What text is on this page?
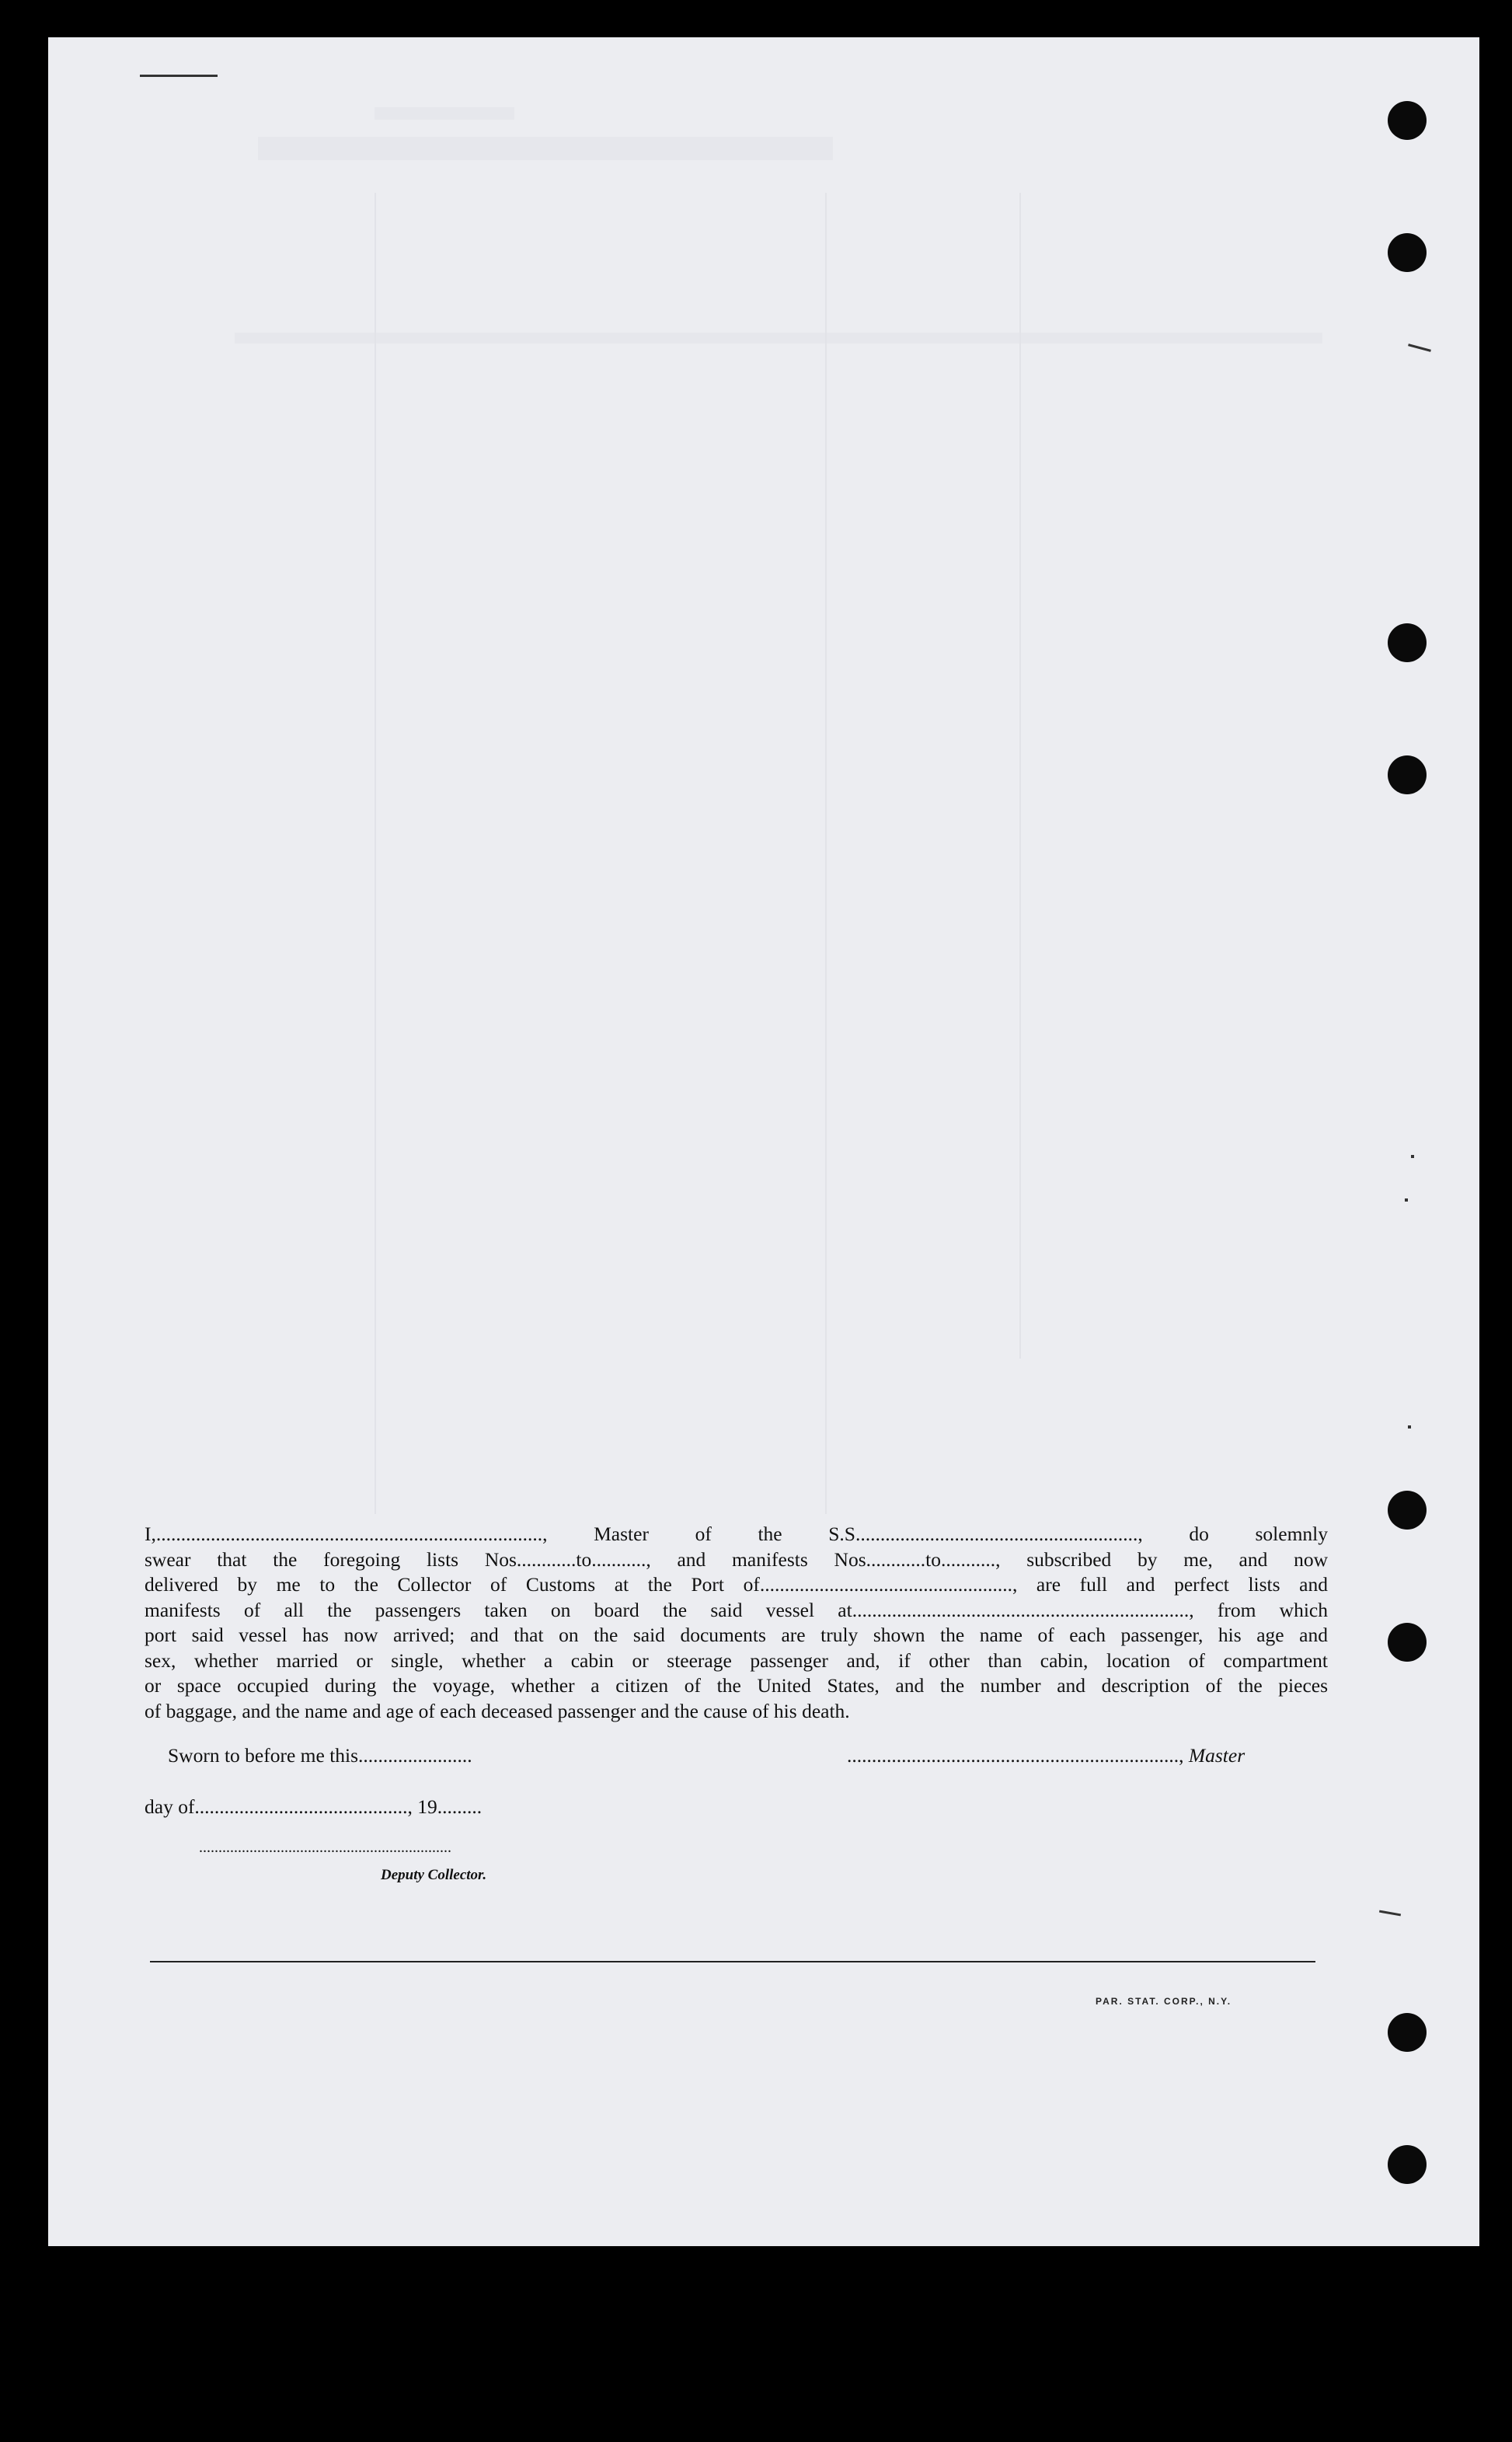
I,.............................................................................., Master of the S.S........................................................., do solemnly
swear that the foregoing lists Nos............to..........., and manifests Nos............to..........., subscribed by me, and now
delivered by me to the Collector of Customs at the Port of..................................................., are full and perfect lists and
manifests of all the passengers taken on board the said vessel at...................................................................., from which
port said vessel has now arrived; and that on the said documents are truly shown the name of each passenger, his age and
sex, whether married or single, whether a cabin or steerage passenger and, if other than cabin, location of compartment
or space occupied during the voyage, whether a citizen of the United States, and the number and description of the pieces
of baggage, and the name and age of each deceased passenger and the cause of his death.
Sworn to before me this.......................	..................................................................., Master
day of..........................................., 19.........
.................................................................
Deputy Collector.
PAR. STAT. CORP., N.Y.
